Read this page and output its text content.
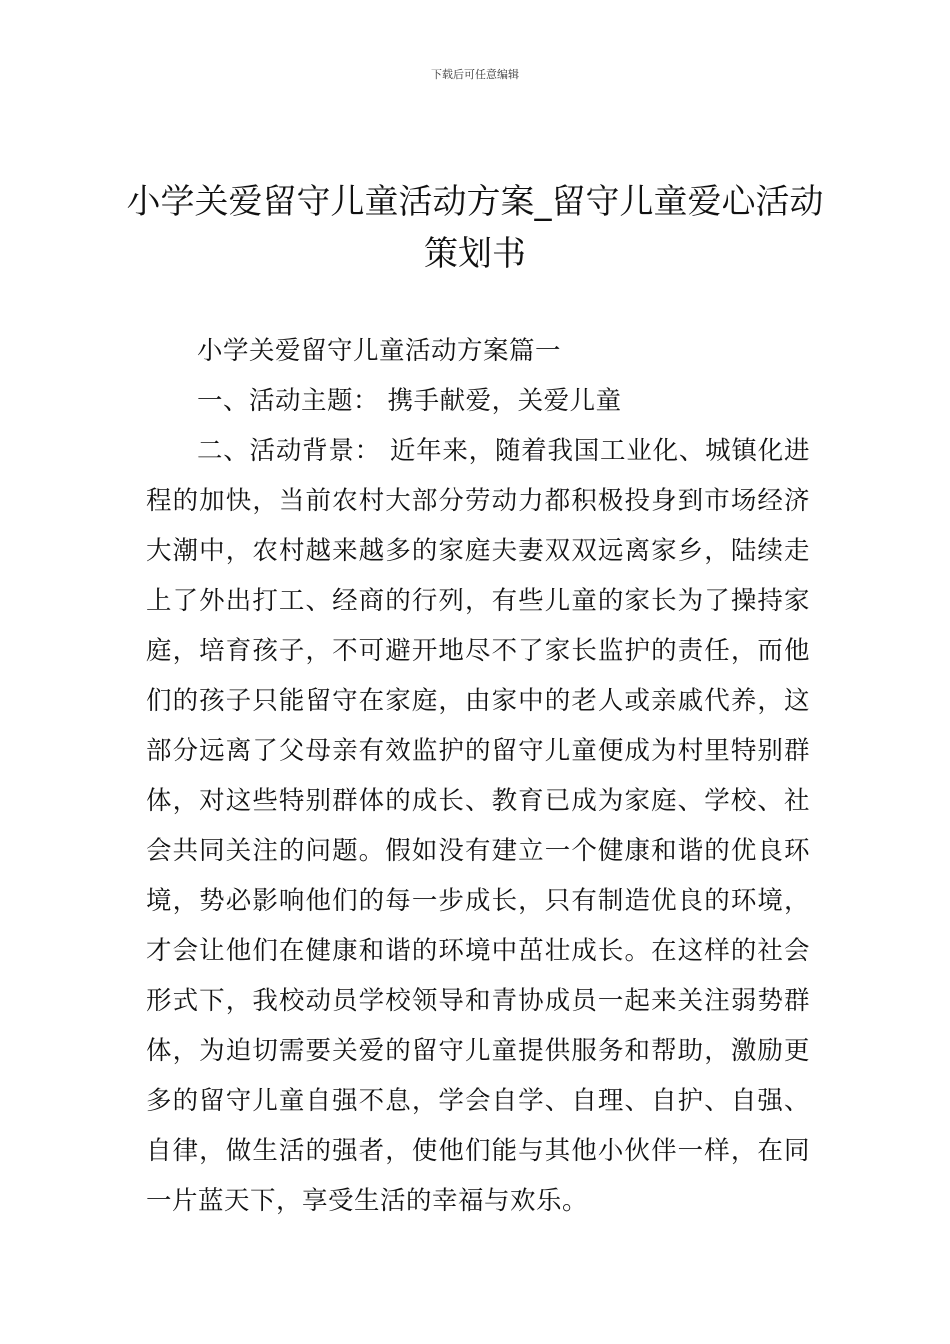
下载后可任意编辑
小学关爱留守儿童活动方案_留守儿童爱心活动策划书

小学关爱留守儿童活动方案篇一

一、活动主题： 携手献爱，关爱儿童

二、活动背景： 近年来，随着我国工业化、城镇化进程的加快，当前农村大部分劳动力都积极投身到市场经济大潮中，农村越来越多的家庭夫妻双双远离家乡，陆续走上了外出打工、经商的行列，有些儿童的家长为了操持家庭，培育孩子，不可避开地尽不了家长监护的责任，而他们的孩子只能留守在家庭，由家中的老人或亲戚代养，这部分远离了父母亲有效监护的留守儿童便成为村里特别群体，对这些特别群体的成长、教育已成为家庭、学校、社会共同关注的问题。假如没有建立一个健康和谐的优良环境，势必影响他们的每一步成长，只有制造优良的环境，才会让他们在健康和谐的环境中茁壮成长。在这样的社会形式下，我校动员学校领导和青协成员一起来关注弱势群体，为迫切需要关爱的留守儿童提供服务和帮助，激励更多的留守儿童自强不息，学会自学、自理、自护、自强、自律，做生活的强者，使他们能与其他小伙伴一样，在同一片蓝天下，享受生活的幸福与欢乐。
